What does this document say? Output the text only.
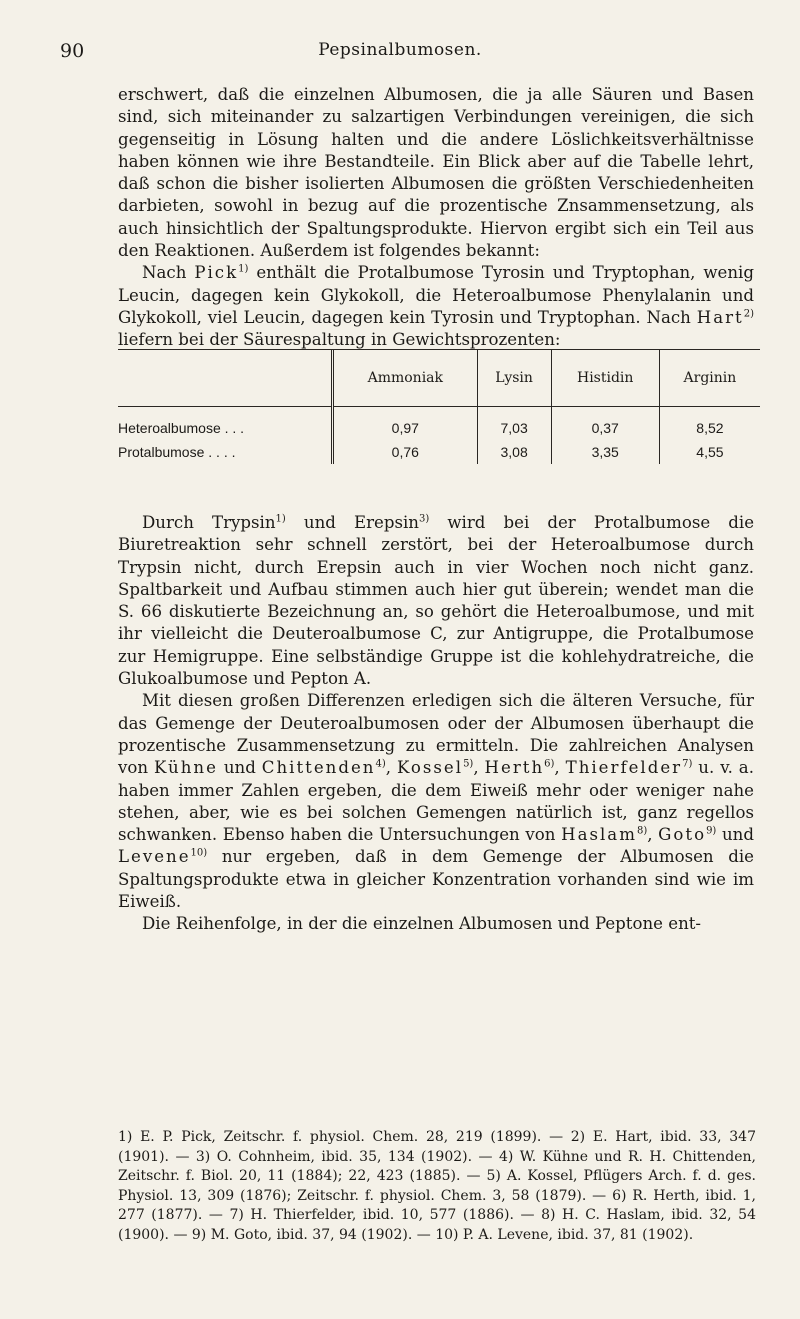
90	Pepsinalbumosen.

erschwert, daß die einzelnen Albumosen, die ja alle Säuren und Basen sind, sich miteinander zu salzartigen Verbindungen vereinigen, die sich gegenseitig in Lösung halten und die andere Löslichkeitsverhältnisse haben können wie ihre Bestandteile. Ein Blick aber auf die Tabelle lehrt, daß schon die bisher isolierten Albumosen die größten Verschiedenheiten darbieten, sowohl in bezug auf die prozentische Znsammensetzung, als auch hinsichtlich der Spaltungsprodukte. Hiervon ergibt sich ein Teil aus den Reaktionen. Außerdem ist folgendes bekannt:

Nach Pick$^{1)}$ enthält die Protalbumose Tyrosin und Tryptophan, wenig Leucin, dagegen kein Glykokoll, die Heteroalbumose Phenylalanin und Glykokoll, viel Leucin, dagegen kein Tyrosin und Tryptophan. Nach Hart$^{2)}$ liefern bei der Säurespaltung in Gewichtsprozenten:

	Ammoniak	Lysin	Histidin	Arginin
Heteroalbumose . . .	0,97	7,03	0,37	8,52
Protalbumose . . . .	0,76	3,08	3,35	4,55

Durch Trypsin$^{1)}$ und Erepsin$^{3)}$ wird bei der Protalbumose die Biuretreaktion sehr schnell zerstört, bei der Heteroalbumose durch Trypsin nicht, durch Erepsin auch in vier Wochen noch nicht ganz. Spaltbarkeit und Aufbau stimmen auch hier gut überein; wendet man die S. 66 diskutierte Bezeichnung an, so gehört die Heteroalbumose, und mit ihr vielleicht die Deuteroalbumose C, zur Antigruppe, die Protalbumose zur Hemigruppe. Eine selbständige Gruppe ist die kohlehydratreiche, die Glukoalbumose und Pepton A.

Mit diesen großen Differenzen erledigen sich die älteren Versuche, für das Gemenge der Deuteroalbumosen oder der Albumosen überhaupt die prozentische Zusammensetzung zu ermitteln. Die zahlreichen Analysen von Kühne und Chittenden$^{4)}$, Kossel$^{5)}$, Herth$^{6)}$, Thierfelder$^{7)}$ u. v. a. haben immer Zahlen ergeben, die dem Eiweiß mehr oder weniger nahe stehen, aber, wie es bei solchen Gemengen natürlich ist, ganz regellos schwanken. Ebenso haben die Untersuchungen von Haslam$^{8)}$, Goto$^{9)}$ und Levene$^{10)}$ nur ergeben, daß in dem Gemenge der Albumosen die Spaltungsprodukte etwa in gleicher Konzentration vorhanden sind wie im Eiweiß.

Die Reihenfolge, in der die einzelnen Albumosen und Peptone ent-

1) E. P. Pick, Zeitschr. f. physiol. Chem. 28, 219 (1899). — 2) E. Hart, ibid. 33, 347 (1901). — 3) O. Cohnheim, ibid. 35, 134 (1902). — 4) W. Kühne und R. H. Chittenden, Zeitschr. f. Biol. 20, 11 (1884); 22, 423 (1885). — 5) A. Kossel, Pflügers Arch. f. d. ges. Physiol. 13, 309 (1876); Zeitschr. f. physiol. Chem. 3, 58 (1879). — 6) R. Herth, ibid. 1, 277 (1877). — 7) H. Thierfelder, ibid. 10, 577 (1886). — 8) H. C. Haslam, ibid. 32, 54 (1900). — 9) M. Goto, ibid. 37, 94 (1902). — 10) P. A. Levene, ibid. 37, 81 (1902).
